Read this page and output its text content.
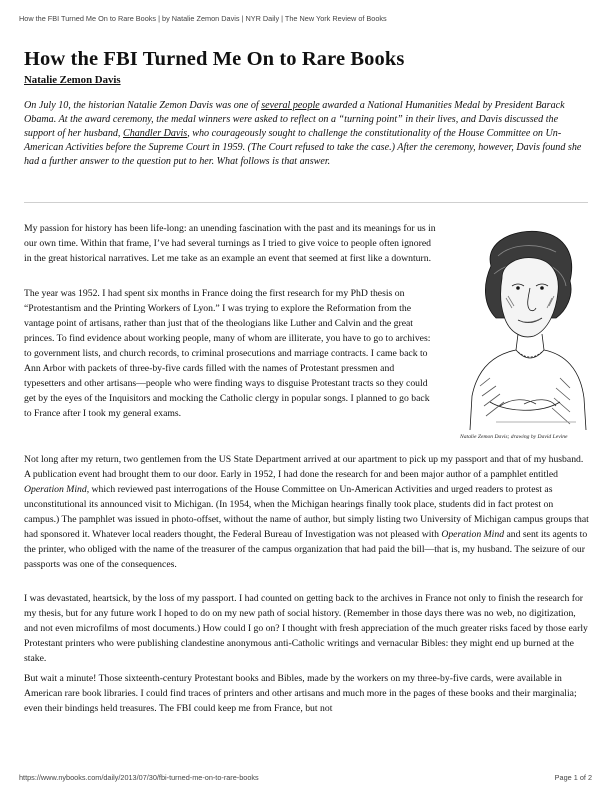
How the FBI Turned Me On to Rare Books | by Natalie Zemon Davis | NYR Daily | The New York Review of Books
How the FBI Turned Me On to Rare Books
Natalie Zemon Davis

On July 10, the historian Natalie Zemon Davis was one of several people awarded a National Humanities Medal by President Barack Obama. At the award ceremony, the medal winners were asked to reflect on a “turning point” in their lives, and Davis discussed the support of her husband, Chandler Davis, who courageously sought to challenge the constitutionality of the House Committee on Un-American Activities before the Supreme Court in 1959. (The Court refused to take the case.) After the ceremony, however, Davis found she had a further answer to the question put to her. What follows is that answer.

My passion for history has been life-long: an unending fascination with the past and its meanings for us in our own time. Within that frame, I’ve had several turnings as I tried to give voice to people often ignored in the great historical narratives. Let me take as an example an event that seemed at first like a downturn.

The year was 1952. I had spent six months in France doing the first research for my PhD thesis on “Protestantism and the Printing Workers of Lyon.” I was trying to explore the Reformation from the vantage point of artisans, rather than just that of the theologians like Luther and Calvin and the great princes. To find evidence about working people, many of whom are illiterate, you have to go to archives: to government lists, and church records, to criminal prosecutions and marriage contracts. I came back to Ann Arbor with packets of three-by-five cards filled with the names of Protestant pressmen and typesetters and other artisans—people who were finding ways to disguise Protestant tracts so they could get by the eyes of the Inquisitors and mocking the Catholic clergy in popular songs. I planned to go back to France after I took my general exams.

Natalie Zemon Davis; drawing by David Levine

Not long after my return, two gentlemen from the US State Department arrived at our apartment to pick up my passport and that of my husband. A publication event had brought them to our door. Early in 1952, I had done the research for and been major author of a pamphlet entitled Operation Mind, which reviewed past interrogations of the House Committee on Un-American Activities and urged readers to protest as unconstitutional its announced visit to Michigan. (In 1954, when the Michigan hearings finally took place, students did in fact protest on campus.) The pamphlet was issued in photo-offset, without the name of author, but simply listing two University of Michigan campus groups that had sponsored it. Whatever local readers thought, the Federal Bureau of Investigation was not pleased with Operation Mind and sent its agents to the printer, who obliged with the name of the treasurer of the campus organization that had paid the bill—that is, my husband. The seizure of our passports was one of the consequences.

I was devastated, heartsick, by the loss of my passport. I had counted on getting back to the archives in France not only to finish the research for my thesis, but for any future work I hoped to do on my new path of social history. (Remember in those days there was no web, no digitization, and not even microfilms of most documents.) How could I go on? I thought with fresh appreciation of the much greater risks faced by those early Protestant printers who were publishing clandestine anonymous anti-Catholic writings and vernacular Bibles: they might end up burned at the stake.

But wait a minute! Those sixteenth-century Protestant books and Bibles, made by the workers on my three-by-five cards, were available in American rare book libraries. I could find traces of printers and other artisans and much more in the pages of these books and their marginalia; even their bindings held treasures. The FBI could keep me from France, but not

https://www.nybooks.com/daily/2013/07/30/fbi-turned-me-on-to-rare-books	Page 1 of 2
